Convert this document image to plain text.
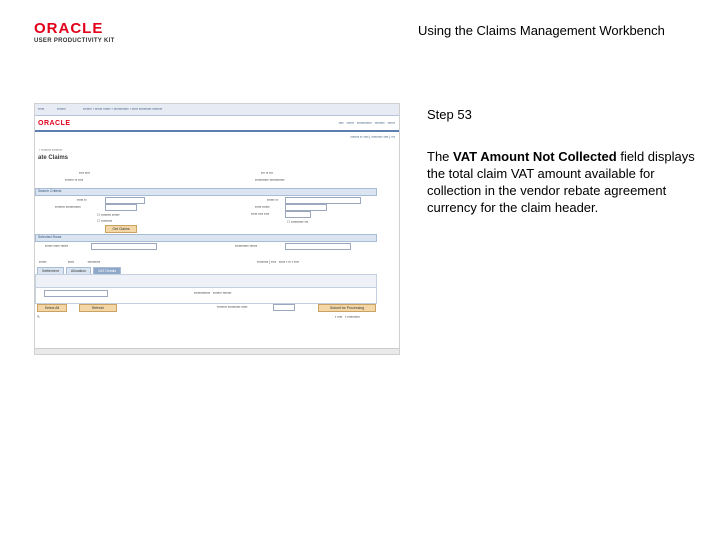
ORACLE
USER PRODUCTIVITY KIT
Using the Claims Management Workbench
▪▪▪▪▪	▪▪▪▪▪▪▪	▪▪▪▪▪▪▪ › ▪▪▪▪▪▪ ▪▪▪▪▪▪ › ▪▪▪▪▪▪▪▪▪▪▪▪ › ▪▪▪▪▪ ▪▪▪▪▪▪▪▪▪▪ ▪▪▪▪▪▪▪▪
ORACLE	▪▪▪▪   ▪▪▪▪▪▪   ▪▪▪▪▪▪▪▪▪▪▪▪   ▪▪▪▪▪▪▪▪   ▪▪▪▪▪▪
▪▪▪▪▪▪▪ ▪▪ ▪▪▪▪ | ▪▪▪▪▪▪▪▪▪ ▪▪▪▪ | ▪▪▪
‹ ▪▪▪▪▪▪▪▪ ▪▪▪▪▪▪▪▪
ate Claims
▪▪▪▪ ▪▪▪▪
▪▪▪▪▪▪▪ ▪▪ ▪▪▪▪
▪▪▪ ▪▪ ▪▪▪
▪▪▪▪▪▪▪▪▪▪▪ ▪▪▪▪▪▪▪▪▪▪▪▪
Search Criteria
▪▪▪▪▪ ▪▪
▪▪▪▪▪▪▪▪ ▪▪▪▪▪▪▪▪▪▪▪▪
☐ ▪▪▪▪▪▪▪▪ ▪▪▪▪▪▪
☐ ▪▪▪▪▪▪▪▪▪
Get Claims
▪▪▪▪▪▪ ▪▪
▪▪▪▪▪ ▪▪▪▪▪▪
▪▪▪▪▪ ▪▪▪▪ ▪▪▪▪
☐ ▪▪▪▪▪▪▪▪▪▪ ▪▪▪
Selected Rows
▪▪▪▪▪▪ ▪▪▪▪▪ ▪▪▪▪▪▪	▪▪▪▪▪▪▪▪▪▪▪ ▪▪▪▪▪▪
▪▪▪▪▪▪                      ▪▪▪▪▪              ▪▪▪▪▪▪▪▪▪▪	▪▪▪▪▪▪▪▪▪ | ▪▪▪▪   ▪▪▪▪▪ ▪ ▪▪ ▪ ▪▪▪▪
Settlement	Allocation	VAT Details
▪▪▪▪▪▪▪▪▪▪▪▪▪   ▪▪▪▪▪▪▪ ▪▪▪▪▪▪▪
Select All	Refresh	▪▪▪▪▪▪▪▪ ▪▪▪▪▪▪▪▪▪▪ ▪▪▪▪▪	Submit for Processing
✎	▪ ▪▪▪▪   ▪ ▪▪▪▪▪▪▪▪▪▪
Step 53
The VAT Amount Not Collected field displays the total claim VAT amount available for collection in the vendor rebate agreement currency for the claim header.
